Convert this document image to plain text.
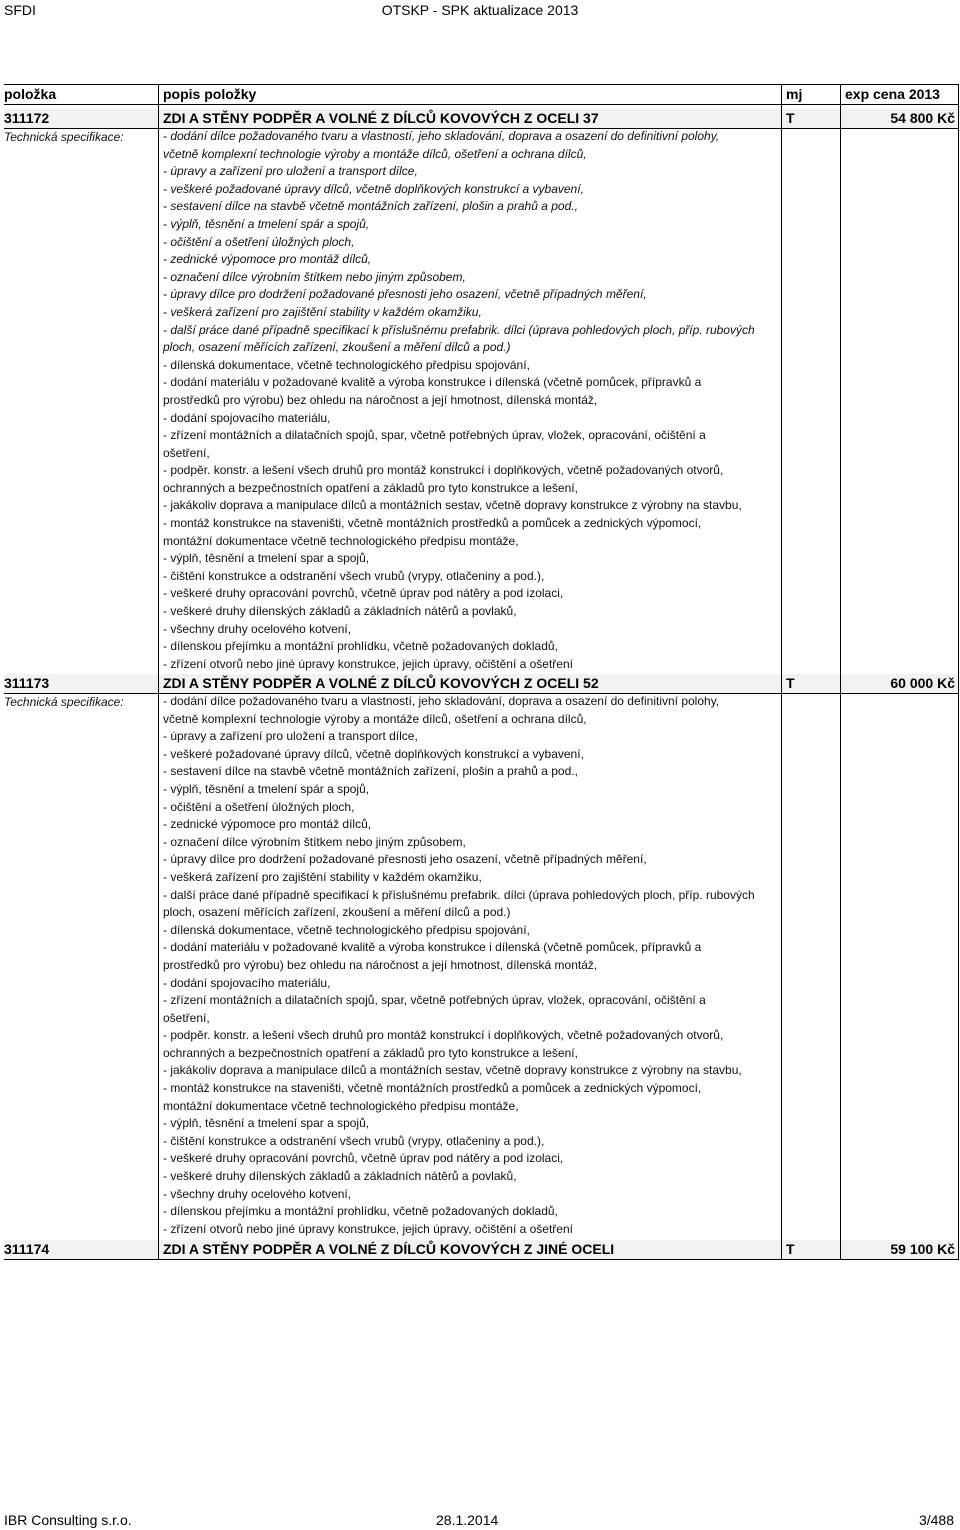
SFDI	OTSKP - SPK aktualizace 2013
položka	popis položky	mj	exp cena 2013
311172	ZDI A STĚNY PODPĚR A VOLNÉ Z DÍLCŮ KOVOVÝCH Z OCELI 37	T	54 800 Kč
Technická specifikace:	- dodání dílce požadovaného tvaru a vlastností, jeho skladování, doprava a osazení do definitivní polohy,
včetně komplexní technologie výroby a montáže dílců, ošetření a ochrana dílců,
- úpravy a zařízení pro uložení a transport dílce,
- veškeré požadované úpravy dílců, včetně doplňkových konstrukcí a vybavení,
- sestavení dílce na stavbě včetně montážních zařízení, plošin a prahů a pod.,
- výplň, těsnění a tmelení spár a spojů,
- očištění a ošetření úložných ploch,
- zednické výpomoce pro montáž dílců,
- označení dílce výrobním štítkem nebo jiným způsobem,
- úpravy dílce pro dodržení požadované přesnosti jeho osazení, včetně případných měření,
- veškerá zařízení pro zajištění stability v každém okamžiku,
- další práce dané případně specifikací k příslušnému prefabrik. dílci (úprava pohledových ploch, příp. rubových
ploch, osazení měřících zařízení, zkoušení a měření dílců a pod.)
- dílenská dokumentace, včetně technologického předpisu spojování,
- dodání materiálu v požadované kvalitě a výroba konstrukce i dílenská (včetně pomůcek, přípravků a
prostředků pro výrobu) bez ohledu na náročnost a její hmotnost, dílenská montáž,
- dodání spojovacího materiálu,
- zřízení montážních a dilatačních spojů, spar, včetně potřebných úprav, vložek, opracování, očištění a
ošetření,
- podpěr. konstr. a lešení všech druhů pro montáž konstrukcí i doplňkových, včetně požadovaných otvorů,
ochranných a bezpečnostních opatření a základů pro tyto konstrukce a lešení,
- jakákoliv doprava a manipulace dílců a montážních sestav, včetně dopravy konstrukce z výrobny na stavbu,
- montáž konstrukce na staveništi, včetně montážních prostředků a pomůcek a zednických výpomocí,
montážní dokumentace včetně technologického předpisu montáže,
- výplň, těsnění a tmelení spar a spojů,
- čištění konstrukce a odstranění všech vrubů (vrypy, otlačeniny a pod.),
- veškeré druhy opracování povrchů, včetně úprav pod nátěry a pod izolaci,
- veškeré druhy dílenských základů a základních nátěrů a povlaků,
- všechny druhy ocelového kotvení,
- dílenskou přejímku a montážní prohlídku, včetně požadovaných dokladů,
- zřízení otvorů nebo jiné úpravy konstrukce, jejich úpravy, očištění a ošetření
311173	ZDI A STĚNY PODPĚR A VOLNÉ Z DÍLCŮ KOVOVÝCH Z OCELI 52	T	60 000 Kč
Technická specifikace:	- dodání dílce požadovaného tvaru a vlastností, jeho skladování, doprava a osazení do definitivní polohy,
včetně komplexní technologie výroby a montáže dílců, ošetření a ochrana dílců,
- úpravy a zařízení pro uložení a transport dílce,
- veškeré požadované úpravy dílců, včetně doplňkových konstrukcí a vybavení,
- sestavení dílce na stavbě včetně montážních zařízení, plošin a prahů a pod.,
- výplň, těsnění a tmelení spár a spojů,
- očištění a ošetření úložných ploch,
- zednické výpomoce pro montáž dílců,
- označení dílce výrobním štítkem nebo jiným způsobem,
- úpravy dílce pro dodržení požadované přesnosti jeho osazení, včetně případných měření,
- veškerá zařízení pro zajištění stability v každém okamžiku,
- další práce dané případně specifikací k příslušnému prefabrik. dílci (úprava pohledových ploch, příp. rubových
ploch, osazení měřících zařízení, zkoušení a měření dílců a pod.)
- dílenská dokumentace, včetně technologického předpisu spojování,
- dodání materiálu v požadované kvalitě a výroba konstrukce i dílenská (včetně pomůcek, přípravků a
prostředků pro výrobu) bez ohledu na náročnost a její hmotnost, dílenská montáž,
- dodání spojovacího materiálu,
- zřízení montážních a dilatačních spojů, spar, včetně potřebných úprav, vložek, opracování, očištění a
ošetření,
- podpěr. konstr. a lešení všech druhů pro montáž konstrukcí i doplňkových, včetně požadovaných otvorů,
ochranných a bezpečnostních opatření a základů pro tyto konstrukce a lešení,
- jakákoliv doprava a manipulace dílců a montážních sestav, včetně dopravy konstrukce z výrobny na stavbu,
- montáž konstrukce na staveništi, včetně montážních prostředků a pomůcek a zednických výpomocí,
montážní dokumentace včetně technologického předpisu montáže,
- výplň, těsnění a tmelení spar a spojů,
- čištění konstrukce a odstranění všech vrubů (vrypy, otlačeniny a pod.),
- veškeré druhy opracování povrchů, včetně úprav pod nátěry a pod izolaci,
- veškeré druhy dílenských základů a základních nátěrů a povlaků,
- všechny druhy ocelového kotvení,
- dílenskou přejímku a montážní prohlídku, včetně požadovaných dokladů,
- zřízení otvorů nebo jiné úpravy konstrukce, jejich úpravy, očištění a ošetření
311174	ZDI A STĚNY PODPĚR A VOLNÉ Z DÍLCŮ KOVOVÝCH Z JINÉ OCELI	T	59 100 Kč
IBR Consulting s.r.o.	28.1.2014	3/488
